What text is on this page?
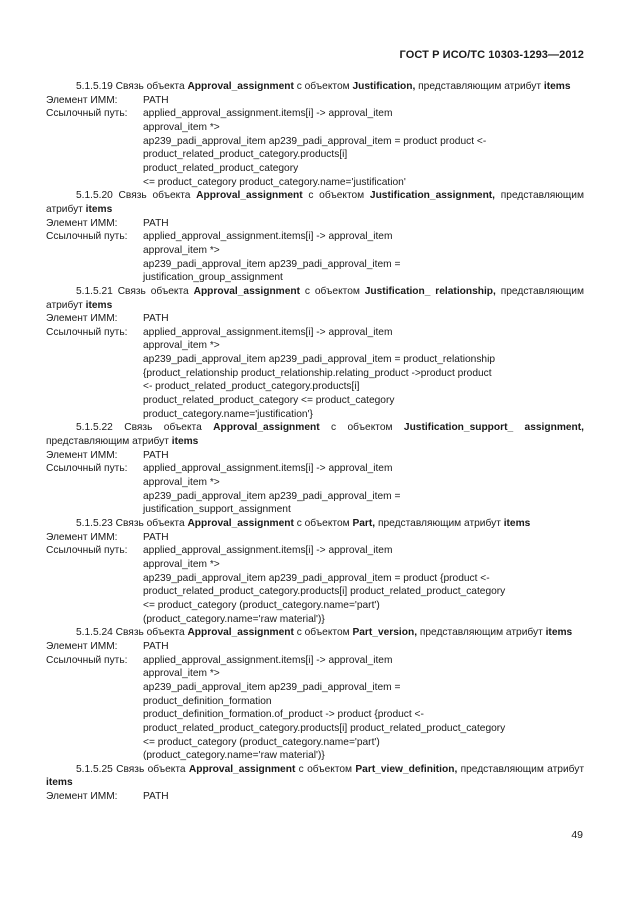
ГОСТ Р ИСО/ТС 10303-1293—2012
5.1.5.19 Связь объекта Approval_assignment с объектом Justification, представляющим атрибут items
Элемент ИММ:	PATH
Ссылочный путь:	applied_approval_assignment.items[i] -> approval_item
approval_item *>
ap239_padi_approval_item ap239_padi_approval_item = product product <-
product_related_product_category.products[i]
product_related_product_category
<= product_category product_category.name='justification'
5.1.5.20 Связь объекта Approval_assignment с объектом Justification_assignment, представляющим атрибут items
Элемент ИММ:	PATH
Ссылочный путь:	applied_approval_assignment.items[i] -> approval_item
approval_item *>
ap239_padi_approval_item ap239_padi_approval_item =
justification_group_assignment
5.1.5.21 Связь объекта Approval_assignment с объектом Justification_ relationship, представляющим атрибут items
Элемент ИММ:	PATH
Ссылочный путь:	applied_approval_assignment.items[i] -> approval_item
approval_item *>
ap239_padi_approval_item ap239_padi_approval_item = product_relationship
{product_relationship product_relationship.relating_product ->product product
<- product_related_product_category.products[i]
product_related_product_category <= product_category
product_category.name='justification'}
5.1.5.22 Связь объекта Approval_assignment с объектом Justification_support_ assignment, представляющим атрибут items
Элемент ИММ:	PATH
Ссылочный путь:	applied_approval_assignment.items[i] -> approval_item
approval_item *>
ap239_padi_approval_item ap239_padi_approval_item =
justification_support_assignment
5.1.5.23 Связь объекта Approval_assignment с объектом Part, представляющим атрибут items
Элемент ИММ:	PATH
Ссылочный путь:	applied_approval_assignment.items[i] -> approval_item
approval_item *>
ap239_padi_approval_item ap239_padi_approval_item = product {product <-
product_related_product_category.products[i] product_related_product_category
<= product_category (product_category.name='part')
(product_category.name='raw material')}
5.1.5.24 Связь объекта Approval_assignment с объектом Part_version, представляющим атрибут items
Элемент ИММ:	PATH
Ссылочный путь:	applied_approval_assignment.items[i] -> approval_item
approval_item *>
ap239_padi_approval_item ap239_padi_approval_item =
product_definition_formation
product_definition_formation.of_product -> product {product <-
product_related_product_category.products[i] product_related_product_category
<= product_category (product_category.name='part')
(product_category.name='raw material')}
5.1.5.25 Связь объекта Approval_assignment с объектом Part_view_definition, представляющим атрибут items
Элемент ИММ:	PATH
49
